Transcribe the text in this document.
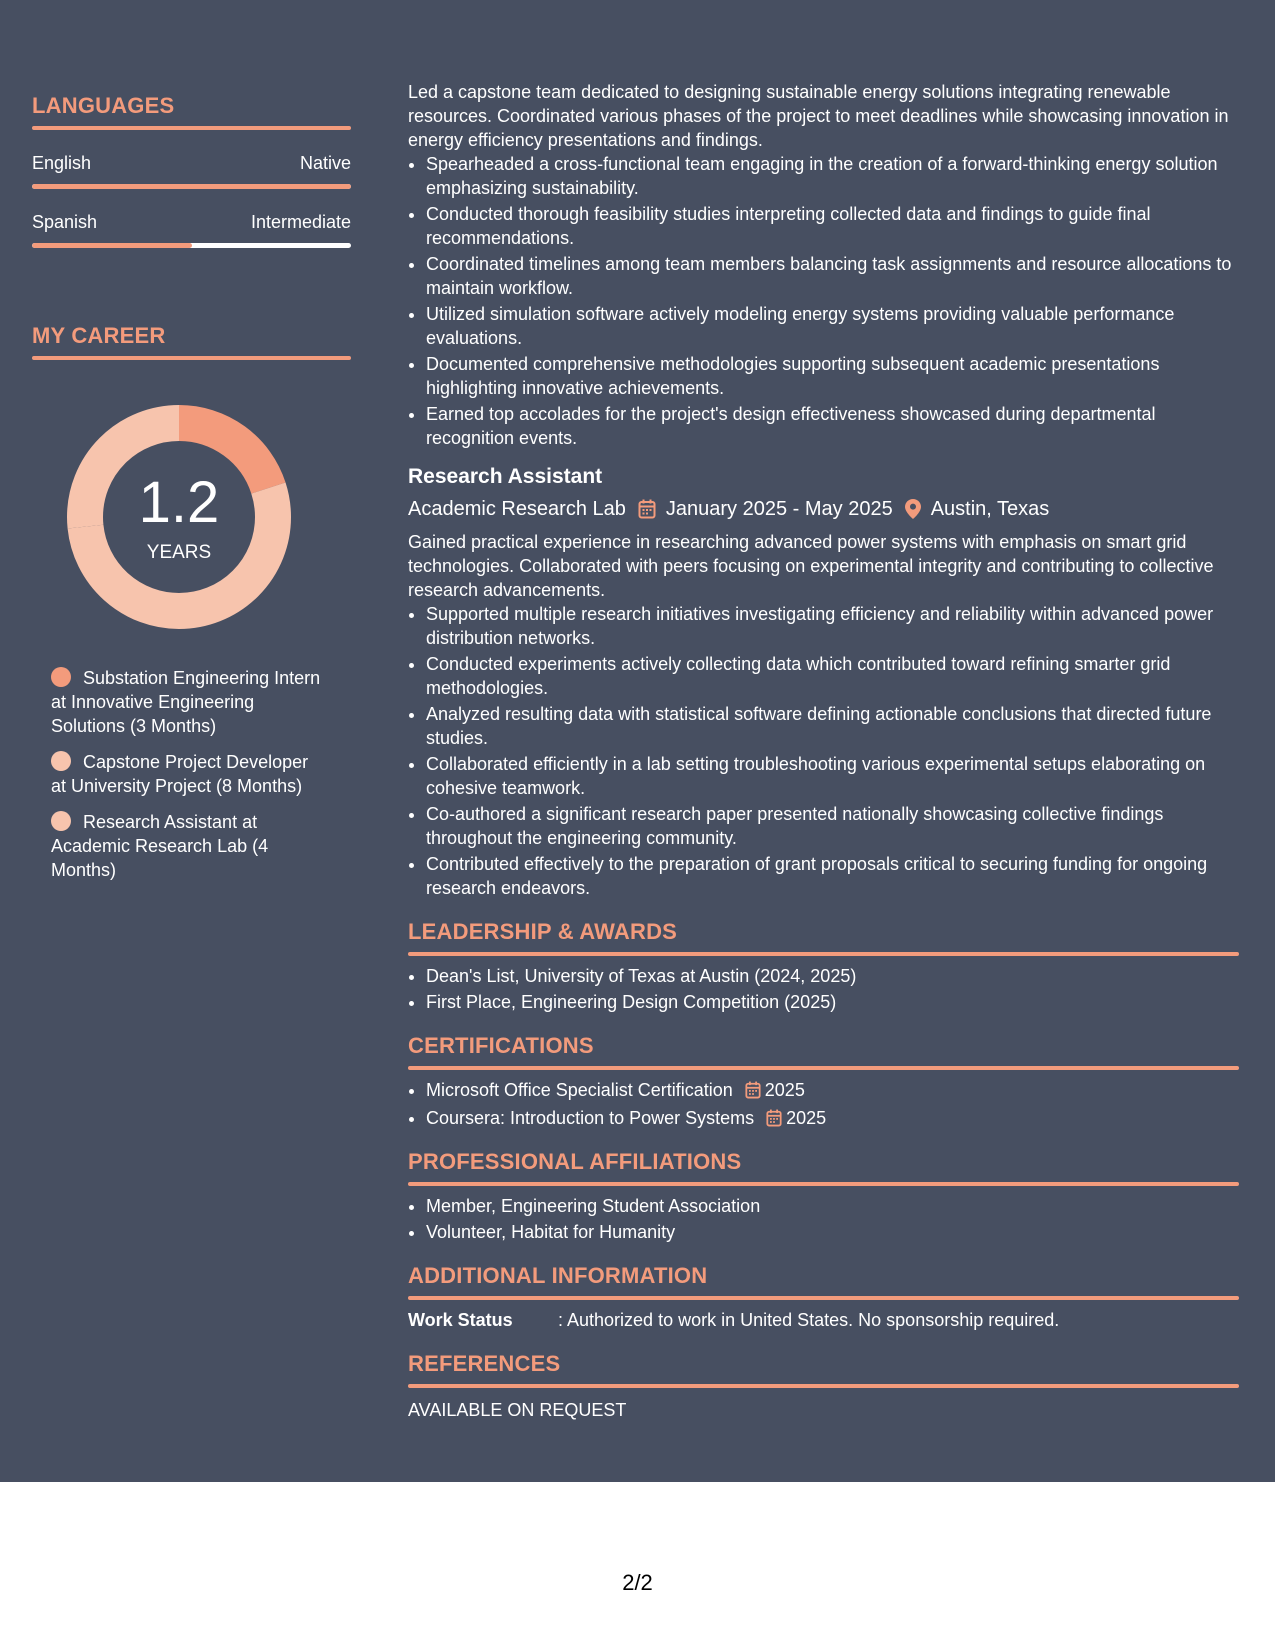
LANGUAGES
English	Native
Spanish	Intermediate
MY CAREER
1.2
YEARS
Substation Engineering Intern at Innovative Engineering Solutions (3 Months)
Capstone Project Developer at University Project (8 Months)
Research Assistant at Academic Research Lab (4 Months)

Led a capstone team dedicated to designing sustainable energy solutions integrating renewable resources. Coordinated various phases of the project to meet deadlines while showcasing innovation in energy efficiency presentations and findings.

• Spearheaded a cross-functional team engaging in the creation of a forward-thinking energy solution emphasizing sustainability.
• Conducted thorough feasibility studies interpreting collected data and findings to guide final recommendations.
• Coordinated timelines among team members balancing task assignments and resource allocations to maintain workflow.
• Utilized simulation software actively modeling energy systems providing valuable performance evaluations.
• Documented comprehensive methodologies supporting subsequent academic presentations highlighting innovative achievements.
• Earned top accolades for the project's design effectiveness showcased during departmental recognition events.
Research Assistant
Academic Research Lab January 2025 - May 2025 Austin, Texas

Gained practical experience in researching advanced power systems with emphasis on smart grid technologies. Collaborated with peers focusing on experimental integrity and contributing to collective research advancements.

• Supported multiple research initiatives investigating efficiency and reliability within advanced power distribution networks.
• Conducted experiments actively collecting data which contributed toward refining smarter grid methodologies.
• Analyzed resulting data with statistical software defining actionable conclusions that directed future studies.
• Collaborated efficiently in a lab setting troubleshooting various experimental setups elaborating on cohesive teamwork.
• Co-authored a significant research paper presented nationally showcasing collective findings throughout the engineering community.
• Contributed effectively to the preparation of grant proposals critical to securing funding for ongoing research endeavors.
LEADERSHIP & AWARDS
• Dean's List, University of Texas at Austin (2024, 2025)
• First Place, Engineering Design Competition (2025)
CERTIFICATIONS
• Microsoft Office Specialist Certification 2025
• Coursera: Introduction to Power Systems 2025
PROFESSIONAL AFFILIATIONS
• Member, Engineering Student Association
• Volunteer, Habitat for Humanity
ADDITIONAL INFORMATION
Work Status	: Authorized to work in United States. No sponsorship required.
REFERENCES
AVAILABLE ON REQUEST
2/2
